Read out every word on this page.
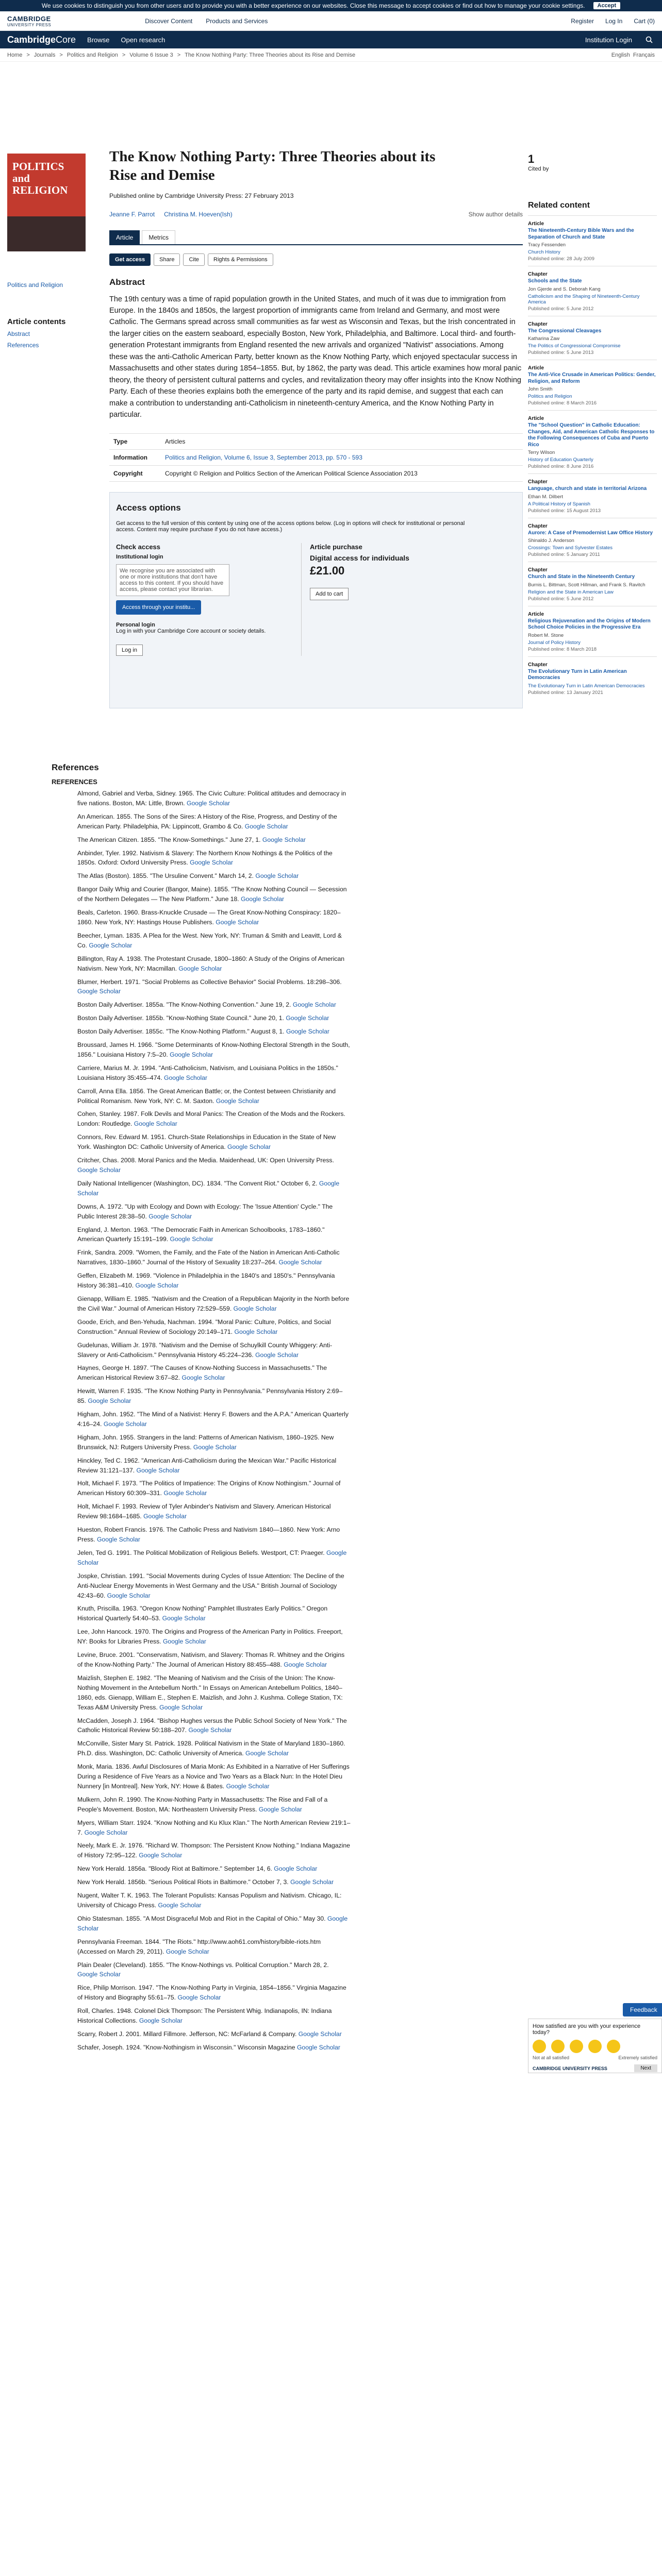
We use cookies to distinguish you from other users and to provide you with a better experience on our websites. Close this message to accept cookies or find out how to manage your cookie settings.	Accept
CAMBRIDGE
UNIVERSITY PRESS
Discover Content Products and Services	Register Log In Cart (0)
CambridgeCore Browse Open research	Institution Login
Home > Journals > Politics and Religion > Volume 6 Issue 3 > The Know Nothing Party: Three Theories about its Rise and Demise	English Français
POLITICS and RELIGION
Politics and Religion
Article contents
Abstract
References
The Know Nothing Party: Three Theories about its Rise and Demise
Published online by Cambridge University Press: 27 February 2013
Jeanne F. Parrot Christina M. Hoeven(Ish)	Show author details
Article	Metrics
Get access	Share	Cite	Rights & Permissions
Abstract

The 19th century was a time of rapid population growth in the United States, and much of it was due to immigration from Europe. In the 1840s and 1850s, the largest proportion of immigrants came from Ireland and Germany, and most were Catholic. The Germans spread across small communities as far west as Wisconsin and Texas, but the Irish concentrated in the larger cities on the eastern seaboard, especially Boston, New York, Philadelphia, and Baltimore. Local third- and fourth-generation Protestant immigrants from England resented the new arrivals and organized "Nativist" associations. Among these was the anti-Catholic American Party, better known as the Know Nothing Party, which enjoyed spectacular success in Massachusetts and other states during 1854–1855. But, by 1862, the party was dead. This article examines how moral panic theory, the theory of persistent cultural patterns and cycles, and revitalization theory may offer insights into the Know Nothing Party. Each of these theories explains both the emergence of the party and its rapid demise, and suggest that each can make a contribution to understanding anti-Catholicism in nineteenth-century America, and the Know Nothing Party in particular.

Type	Articles
Information	Politics and Religion, Volume 6, Issue 3, September 2013, pp. 570 - 593
Copyright	Copyright © Religion and Politics Section of the American Political Science Association 2013
Access options
Get access to the full version of this content by using one of the access options below. (Log in options will check for institutional or personal access. Content may require purchase if you do not have access.)
Check access
Institutional login
We recognise you are associated with one or more institutions that don't have access to this content. If you should have access, please contact your librarian.
Access through your institu...
Personal login
Log in with your Cambridge Core account or society details.
Log in
Article purchase
Digital access for individuals
£21.00
Add to cart
1
Cited by
Related content
Article
The Nineteenth-Century Bible Wars and the Separation of Church and State
Tracy Fessenden
Church History
Published online: 28 July 2009
Chapter
Schools and the State
Jon Gjerde and S. Deborah Kang
Catholicism and the Shaping of Nineteenth-Century America
Published online: 5 June 2012
Chapter
The Congressional Cleavages
Katharina Zaw
The Politics of Congressional Compromise
Published online: 5 June 2013
Article
The Anti-Vice Crusade in American Politics: Gender, Religion, and Reform
John Smith
Politics and Religion
Published online: 8 March 2016
Article
The "School Question" in Catholic Education: Changes, Aid, and American Catholic Responses to the Following Consequences of Cuba and Puerto Rico
Terry Wilson
History of Education Quarterly
Published online: 8 June 2016
Chapter
Language, church and state in territorial Arizona
Ethan M. Dilbert
A Political History of Spanish
Published online: 15 August 2013
Chapter
Aurore: A Case of Premodernist Law Office History
Shinaldo J. Anderson
Crossings: Town and Sylvester Estates
Published online: 5 January 2011
Chapter
Church and State in the Nineteenth Century
Burnis L. Bittman, Scott Hillman, and Frank S. Ravitch
Religion and the State in American Law
Published online: 5 June 2012
Article
Religious Rejuvenation and the Origins of Modern School Choice Policies in the Progressive Era
Robert M. Stone
Journal of Policy History
Published online: 8 March 2018
Chapter
The Evolutionary Turn in Latin American Democracies
The Evolutionary Turn in Latin American Democracies
Published online: 13 January 2021
References
REFERENCES
Almond, Gabriel and Verba, Sidney. 1965. The Civic Culture: Political attitudes and democracy in five nations. Boston, MA: Little, Brown. Google Scholar
An American. 1855. The Sons of the Sires: A History of the Rise, Progress, and Destiny of the American Party. Philadelphia, PA: Lippincott, Grambo & Co. Google Scholar
The American Citizen. 1855. "The Know-Somethings." June 27, 1. Google Scholar
Anbinder, Tyler. 1992. Nativism & Slavery: The Northern Know Nothings & the Politics of the 1850s. Oxford: Oxford University Press. Google Scholar
The Atlas (Boston). 1855. "The Ursuline Convent." March 14, 2. Google Scholar
Bangor Daily Whig and Courier (Bangor, Maine). 1855. "The Know Nothing Council — Secession of the Northern Delegates — The New Platform." June 18. Google Scholar
Beals, Carleton. 1960. Brass-Knuckle Crusade — The Great Know-Nothing Conspiracy: 1820–1860. New York, NY: Hastings House Publishers. Google Scholar
Beecher, Lyman. 1835. A Plea for the West. New York, NY: Truman & Smith and Leavitt, Lord & Co. Google Scholar
Billington, Ray A. 1938. The Protestant Crusade, 1800–1860: A Study of the Origins of American Nativism. New York, NY: Macmillan. Google Scholar
Blumer, Herbert. 1971. "Social Problems as Collective Behavior" Social Problems. 18:298–306. Google Scholar
Boston Daily Advertiser. 1855a. "The Know-Nothing Convention." June 19, 2. Google Scholar
Boston Daily Advertiser. 1855b. "Know-Nothing State Council." June 20, 1. Google Scholar
Boston Daily Advertiser. 1855c. "The Know-Nothing Platform." August 8, 1. Google Scholar
Broussard, James H. 1966. "Some Determinants of Know-Nothing Electoral Strength in the South, 1856." Louisiana History 7:5–20. Google Scholar
Carriere, Marius M. Jr. 1994. "Anti-Catholicism, Nativism, and Louisiana Politics in the 1850s." Louisiana History 35:455–474. Google Scholar
Carroll, Anna Ella. 1856. The Great American Battle; or, the Contest between Christianity and Political Romanism. New York, NY: C. M. Saxton. Google Scholar
Cohen, Stanley. 1987. Folk Devils and Moral Panics: The Creation of the Mods and the Rockers. London: Routledge. Google Scholar
Connors, Rev. Edward M. 1951. Church-State Relationships in Education in the State of New York. Washington DC: Catholic University of America. Google Scholar
Critcher, Chas. 2008. Moral Panics and the Media. Maidenhead, UK: Open University Press. Google Scholar
Daily National Intelligencer (Washington, DC). 1834. "The Convent Riot." October 6, 2. Google Scholar
Downs, A. 1972. "Up with Ecology and Down with Ecology: The 'Issue Attention' Cycle." The Public Interest 28:38–50. Google Scholar
England, J. Merton. 1963. "The Democratic Faith in American Schoolbooks, 1783–1860." American Quarterly 15:191–199. Google Scholar
Frink, Sandra. 2009. "Women, the Family, and the Fate of the Nation in American Anti-Catholic Narratives, 1830–1860." Journal of the History of Sexuality 18:237–264. Google Scholar
Geffen, Elizabeth M. 1969. "Violence in Philadelphia in the 1840's and 1850's." Pennsylvania History 36:381–410. Google Scholar
Gienapp, William E. 1985. "Nativism and the Creation of a Republican Majority in the North before the Civil War." Journal of American History 72:529–559. Google Scholar
Goode, Erich, and Ben-Yehuda, Nachman. 1994. "Moral Panic: Culture, Politics, and Social Construction." Annual Review of Sociology 20:149–171. Google Scholar
Gudelunas, William Jr. 1978. "Nativism and the Demise of Schuylkill County Whiggery: Anti-Slavery or Anti-Catholicism." Pennsylvania History 45:224–236. Google Scholar
Haynes, George H. 1897. "The Causes of Know-Nothing Success in Massachusetts." The American Historical Review 3:67–82. Google Scholar
Hewitt, Warren F. 1935. "The Know Nothing Party in Pennsylvania." Pennsylvania History 2:69–85. Google Scholar
Higham, John. 1952. "The Mind of a Nativist: Henry F. Bowers and the A.P.A." American Quarterly 4:16–24. Google Scholar
Higham, John. 1955. Strangers in the land: Patterns of American Nativism, 1860–1925. New Brunswick, NJ: Rutgers University Press. Google Scholar
Hinckley, Ted C. 1962. "American Anti-Catholicism during the Mexican War." Pacific Historical Review 31:121–137. Google Scholar
Holt, Michael F. 1973. "The Politics of Impatience: The Origins of Know Nothingism." Journal of American History 60:309–331. Google Scholar
Holt, Michael F. 1993. Review of Tyler Anbinder's Nativism and Slavery. American Historical Review 98:1684–1685. Google Scholar
Hueston, Robert Francis. 1976. The Catholic Press and Nativism 1840—1860. New York: Arno Press. Google Scholar
Jelen, Ted G. 1991. The Political Mobilization of Religious Beliefs. Westport, CT: Praeger. Google Scholar
Jospke, Christian. 1991. "Social Movements during Cycles of Issue Attention: The Decline of the Anti-Nuclear Energy Movements in West Germany and the USA." British Journal of Sociology 42:43–60. Google Scholar
Knuth, Priscilla. 1963. "Oregon Know Nothing" Pamphlet Illustrates Early Politics." Oregon Historical Quarterly 54:40–53. Google Scholar
Lee, John Hancock. 1970. The Origins and Progress of the American Party in Politics. Freeport, NY: Books for Libraries Press. Google Scholar
Levine, Bruce. 2001. "Conservatism, Nativism, and Slavery: Thomas R. Whitney and the Origins of the Know-Nothing Party." The Journal of American History 88:455–488. Google Scholar
Maizlish, Stephen E. 1982. "The Meaning of Nativism and the Crisis of the Union: The Know-Nothing Movement in the Antebellum North." In Essays on American Antebellum Politics, 1840–1860, eds. Gienapp, William E., Stephen E. Maizlish, and John J. Kushma. College Station, TX: Texas A&M University Press. Google Scholar
McCadden, Joseph J. 1964. "Bishop Hughes versus the Public School Society of New York." The Catholic Historical Review 50:188–207. Google Scholar
McConville, Sister Mary St. Patrick. 1928. Political Nativism in the State of Maryland 1830–1860. Ph.D. diss. Washington, DC: Catholic University of America. Google Scholar
Monk, Maria. 1836. Awful Disclosures of Maria Monk: As Exhibited in a Narrative of Her Sufferings During a Residence of Five Years as a Novice and Two Years as a Black Nun: In the Hotel Dieu Nunnery [in Montreal]. New York, NY: Howe & Bates. Google Scholar
Mulkern, John R. 1990. The Know-Nothing Party in Massachusetts: The Rise and Fall of a People's Movement. Boston, MA: Northeastern University Press. Google Scholar
Myers, William Starr. 1924. "Know Nothing and Ku Klux Klan." The North American Review 219:1–7. Google Scholar
Neely, Mark E. Jr. 1976. "Richard W. Thompson: The Persistent Know Nothing." Indiana Magazine of History 72:95–122. Google Scholar
New York Herald. 1856a. "Bloody Riot at Baltimore." September 14, 6. Google Scholar
New York Herald. 1856b. "Serious Political Riots in Baltimore." October 7, 3. Google Scholar
Nugent, Walter T. K. 1963. The Tolerant Populists: Kansas Populism and Nativism. Chicago, IL: University of Chicago Press. Google Scholar
Ohio Statesman. 1855. "A Most Disgraceful Mob and Riot in the Capital of Ohio." May 30. Google Scholar
Pennsylvania Freeman. 1844. "The Riots." http://www.aoh61.com/history/bible-riots.htm (Accessed on March 29, 2011). Google Scholar
Plain Dealer (Cleveland). 1855. "The Know-Nothings vs. Political Corruption." March 28, 2. Google Scholar
Rice, Philip Morrison. 1947. "The Know-Nothing Party in Virginia, 1854–1856." Virginia Magazine of History and Biography 55:61–75. Google Scholar
Roll, Charles. 1948. Colonel Dick Thompson: The Persistent Whig. Indianapolis, IN: Indiana Historical Collections. Google Scholar
Scarry, Robert J. 2001. Millard Fillmore. Jefferson, NC: McFarland & Company. Google Scholar
Schafer, Joseph. 1924. "Know-Nothingism in Wisconsin." Wisconsin Magazine Google Scholar
Feedback
How satisfied are you with your experience today?
Not at all satisfied	Extremely satisfied
CAMBRIDGE UNIVERSITY PRESS	Next
